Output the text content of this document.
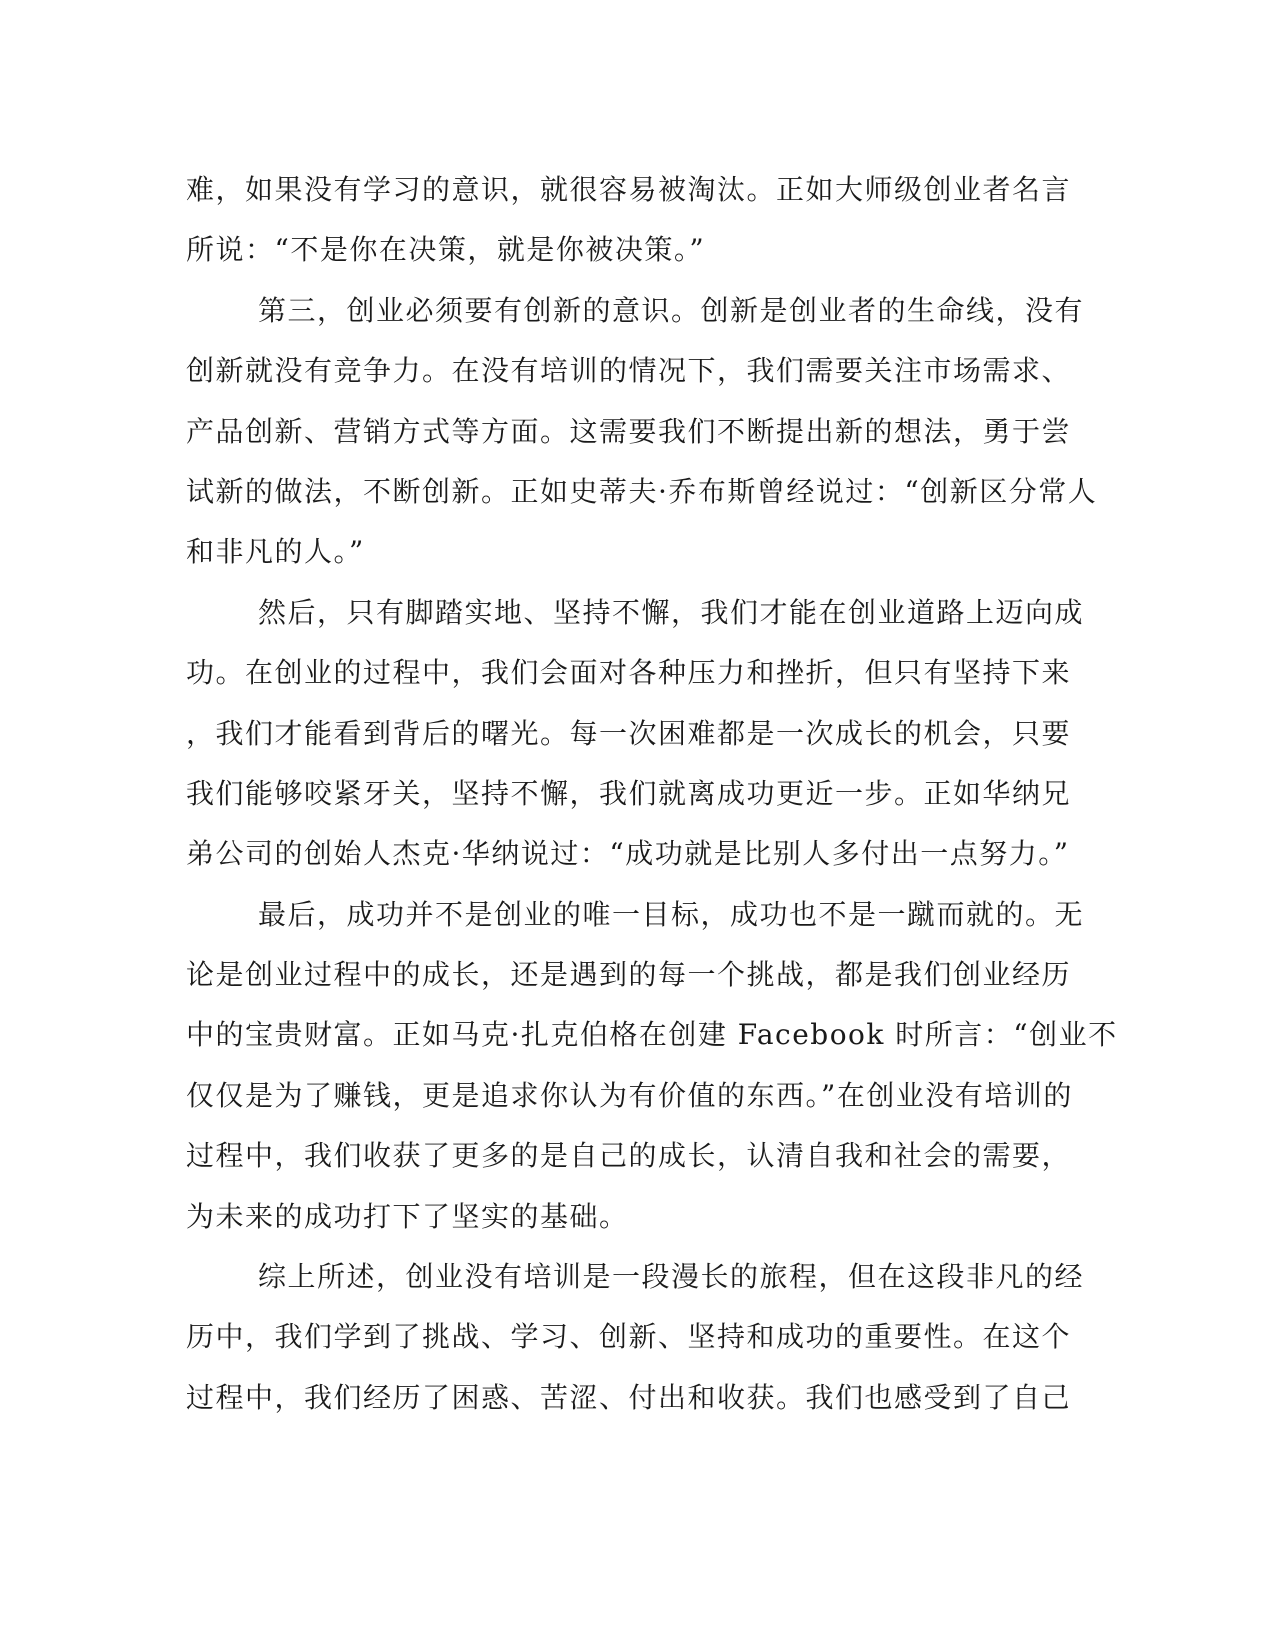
难，如果没有学习的意识，就很容易被淘汰。正如大师级创业者名言
所说：“不是你在决策，就是你被决策。”
第三，创业必须要有创新的意识。创新是创业者的生命线，没有
创新就没有竞争力。在没有培训的情况下，我们需要关注市场需求、
产品创新、营销方式等方面。这需要我们不断提出新的想法，勇于尝
试新的做法，不断创新。正如史蒂夫·乔布斯曾经说过：“创新区分常人
和非凡的人。”
然后，只有脚踏实地、坚持不懈，我们才能在创业道路上迈向成
功。在创业的过程中，我们会面对各种压力和挫折，但只有坚持下来
，我们才能看到背后的曙光。每一次困难都是一次成长的机会，只要
我们能够咬紧牙关，坚持不懈，我们就离成功更近一步。正如华纳兄
弟公司的创始人杰克·华纳说过：“成功就是比别人多付出一点努力。”
最后，成功并不是创业的唯一目标，成功也不是一蹴而就的。无
论是创业过程中的成长，还是遇到的每一个挑战，都是我们创业经历
中的宝贵财富。正如马克·扎克伯格在创建 Facebook 时所言：“创业不
仅仅是为了赚钱，更是追求你认为有价值的东西。”在创业没有培训的
过程中，我们收获了更多的是自己的成长，认清自我和社会的需要，
为未来的成功打下了坚实的基础。
综上所述，创业没有培训是一段漫长的旅程，但在这段非凡的经
历中，我们学到了挑战、学习、创新、坚持和成功的重要性。在这个
过程中，我们经历了困惑、苦涩、付出和收获。我们也感受到了自己
